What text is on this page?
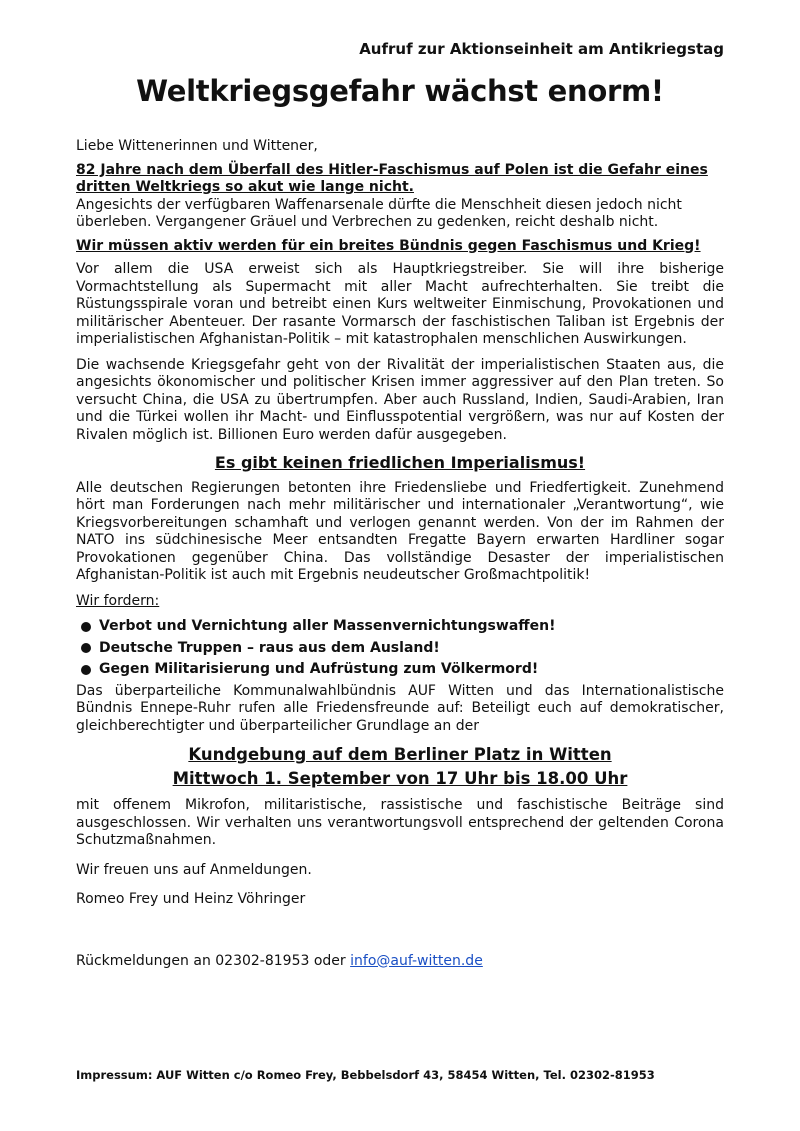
Aufruf zur Aktionseinheit am Antikriegstag
Weltkriegsgefahr wächst enorm!

Liebe Wittenerinnen und Wittener,

82 Jahre nach dem Überfall des Hitler-Faschismus auf Polen ist die Gefahr eines dritten Weltkriegs so akut wie lange nicht.

Angesichts der verfügbaren Waffenarsenale dürfte die Menschheit diesen jedoch nicht überleben. Vergangener Gräuel und Verbrechen zu gedenken, reicht deshalb nicht.

Wir müssen aktiv werden für ein breites Bündnis gegen Faschismus und Krieg!

Vor allem die USA erweist sich als Hauptkriegstreiber. Sie will ihre bisherige Vormachtstellung als Supermacht mit aller Macht aufrechterhalten. Sie treibt die Rüstungsspirale voran und betreibt einen Kurs weltweiter Einmischung, Provokationen und militärischer Abenteuer. Der rasante Vormarsch der faschistischen Taliban ist Ergebnis der imperialistischen Afghanistan-Politik – mit katastrophalen menschlichen Auswirkungen.

Die wachsende Kriegsgefahr geht von der Rivalität der imperialistischen Staaten aus, die angesichts ökonomischer und politischer Krisen immer aggressiver auf den Plan treten. So versucht China, die USA zu übertrumpfen. Aber auch Russland, Indien, Saudi-Arabien, Iran und die Türkei wollen ihr Macht- und Einflusspotential vergrößern, was nur auf Kosten der Rivalen möglich ist. Billionen Euro werden dafür ausgegeben.

Es gibt keinen friedlichen Imperialismus!

Alle deutschen Regierungen betonten ihre Friedensliebe und Friedfertigkeit. Zunehmend hört man Forderungen nach mehr militärischer und internationaler „Verantwortung“, wie Kriegsvorbereitungen schamhaft und verlogen genannt werden. Von der im Rahmen der NATO ins südchinesische Meer entsandten Fregatte Bayern erwarten Hardliner sogar Provokationen gegenüber China. Das vollständige Desaster der imperialistischen Afghanistan-Politik ist auch mit Ergebnis neudeutscher Großmachtpolitik!

Wir fordern:

Verbot und Vernichtung aller Massenvernichtungswaffen!
Deutsche Truppen – raus aus dem Ausland!
Gegen Militarisierung und Aufrüstung zum Völkermord!

Das überparteiliche Kommunalwahlbündnis AUF Witten und das Internationalistische Bündnis Ennepe-Ruhr rufen alle Friedensfreunde auf: Beteiligt euch auf demokratischer, gleichberechtigter und überparteilicher Grundlage an der

Kundgebung auf dem Berliner Platz in Witten

Mittwoch 1. September von 17 Uhr bis 18.00 Uhr

mit offenem Mikrofon, militaristische, rassistische und faschistische Beiträge sind ausgeschlossen. Wir verhalten uns verantwortungsvoll entsprechend der geltenden Corona Schutzmaßnahmen.

Wir freuen uns auf Anmeldungen.

Romeo Frey und Heinz Vöhringer

Rückmeldungen an 02302-81953 oder info@auf-witten.de

Impressum: AUF Witten c/o Romeo Frey, Bebbelsdorf 43, 58454 Witten, Tel. 02302-81953
